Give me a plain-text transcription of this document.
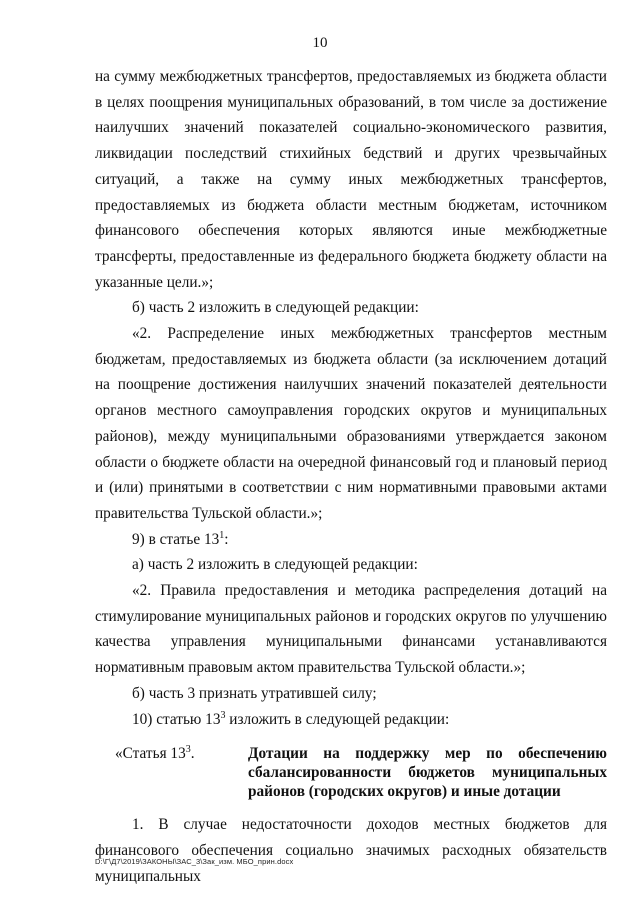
10

на сумму межбюджетных трансфертов, предоставляемых из бюджета области в целях поощрения муниципальных образований, в том числе за достижение наилучших значений показателей социально-экономического развития, ликвидации последствий стихийных бедствий и других чрезвычайных ситуаций, а также на сумму иных межбюджетных трансфертов, предоставляемых из бюджета области местным бюджетам, источником финансового обеспечения которых являются иные межбюджетные трансферты, предоставленные из федерального бюджета бюджету области на указанные цели.»;

б) часть 2 изложить в следующей редакции:

«2. Распределение иных межбюджетных трансфертов местным бюджетам, предоставляемых из бюджета области (за исключением дотаций на поощрение достижения наилучших значений показателей деятельности органов местного самоуправления городских округов и муниципальных районов), между муниципальными образованиями утверждается законом области о бюджете области на очередной финансовый год и плановый период и (или) принятыми в соответствии с ним нормативными правовыми актами правительства Тульской области.»;

9) в статье $13^1$:

а) часть 2 изложить в следующей редакции:

«2. Правила предоставления и методика распределения дотаций на стимулирование муниципальных районов и городских округов по улучшению качества управления муниципальными финансами устанавливаются нормативным правовым актом правительства Тульской области.»;

б) часть 3 признать утратившей силу;

10) статью $13^3$ изложить в следующей редакции:

«Статья $13^3$.	Дотации на поддержку мер по обеспечению сбалансированности бюджетов муниципальных районов (городских округов) и иные дотации

1. В случае недостаточности доходов местных бюджетов для финансового обеспечения социально значимых расходных обязательств муниципальных

D:\Г\Д7\2019\ЗАКОНЫ\ЗАС_3\Зак_изм. МБО_прин.docx
